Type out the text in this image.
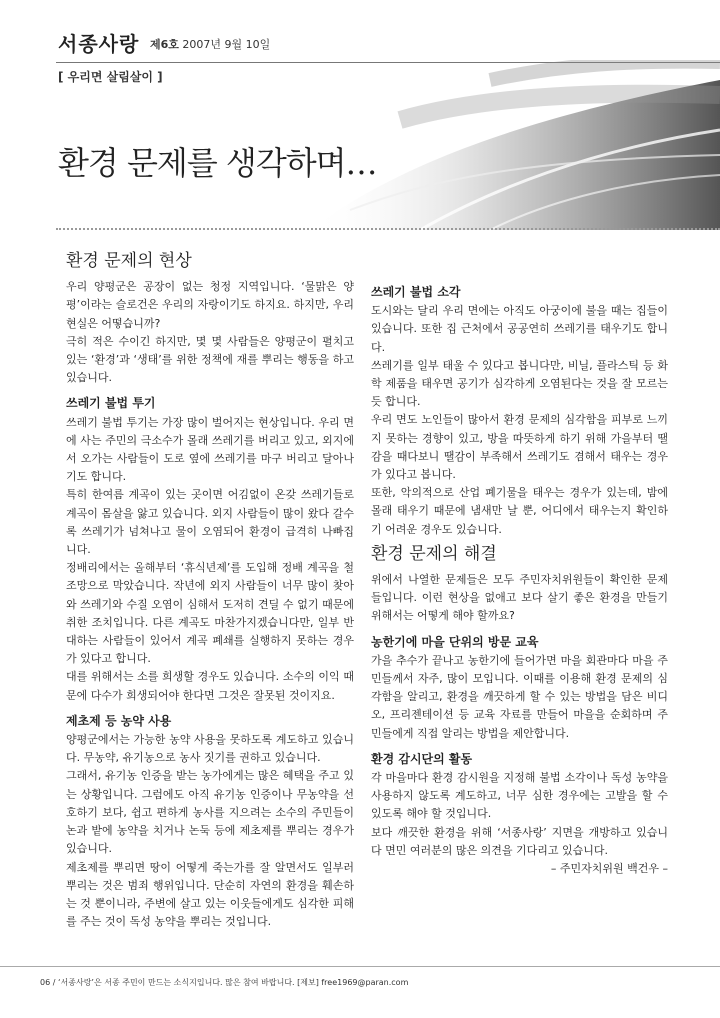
서종사랑 제6호 2007년 9월 10일
[ 우리면 살림살이 ]
환경 문제를 생각하며…
환경 문제의 현상

우리 양평군은 공장이 없는 청정 지역입니다. ‘물맑은 양평’이라는 슬로건은 우리의 자랑이기도 하지요. 하지만, 우리 현실은 어떻습니까?

극히 적은 수이긴 하지만, 몇 몇 사람들은 양평군이 펼치고 있는 ‘환경’과 ‘생태’를 위한 정책에 재를 뿌리는 행동을 하고 있습니다.

쓰레기 불법 투기

쓰레기 불법 투기는 가장 많이 벌어지는 현상입니다. 우리 면에 사는 주민의 극소수가 몰래 쓰레기를 버리고 있고, 외지에서 오가는 사람들이 도로 옆에 쓰레기를 마구 버리고 달아나기도 합니다.

특히 한여름 계곡이 있는 곳이면 어김없이 온갖 쓰레기들로 계곡이 몸살을 앓고 있습니다. 외지 사람들이 많이 왔다 갈수록 쓰레기가 넘쳐나고 물이 오염되어 환경이 급격히 나빠집니다.

정배리에서는 올해부터 ‘휴식년제’를 도입해 정배 계곡을 철조망으로 막았습니다. 작년에 외지 사람들이 너무 많이 찾아와 쓰레기와 수질 오염이 심해서 도저히 견딜 수 없기 때문에 취한 조치입니다. 다른 계곡도 마찬가지겠습니다만, 일부 반대하는 사람들이 있어서 계곡 폐쇄를 실행하지 못하는 경우가 있다고 합니다.

대를 위해서는 소를 희생할 경우도 있습니다. 소수의 이익 때문에 다수가 희생되어야 한다면 그것은 잘못된 것이지요.

제초제 등 농약 사용

양평군에서는 가능한 농약 사용을 못하도록 계도하고 있습니다. 무농약, 유기농으로 농사 짓기를 권하고 있습니다.

그래서, 유기농 인증을 받는 농가에게는 많은 혜택을 주고 있는 상황입니다. 그럼에도 아직 유기농 인증이나 무농약을 선호하기 보다, 쉽고 편하게 농사를 지으려는 소수의 주민들이 논과 밭에 농약을 치거나 논둑 등에 제초제를 뿌리는 경우가 있습니다.

제초제를 뿌리면 땅이 어떻게 죽는가를 잘 알면서도 일부러 뿌리는 것은 범죄 행위입니다. 단순히 자연의 환경을 훼손하는 것 뿐이니라, 주변에 살고 있는 이웃들에게도 심각한 피해를 주는 것이 독성 농약을 뿌리는 것입니다.

쓰레기 불법 소각

도시와는 달리 우리 면에는 아직도 아궁이에 불을 때는 집들이 있습니다. 또한 집 근처에서 공공연히 쓰레기를 태우기도 합니다.

쓰레기를 일부 태울 수 있다고 봅니다만, 비닐, 플라스틱 등 화학 제품을 태우면 공기가 심각하게 오염된다는 것을 잘 모르는 듯 합니다.

우리 면도 노인들이 많아서 환경 문제의 심각함을 피부로 느끼지 못하는 경향이 있고, 방을 따뜻하게 하기 위해 가을부터 땔감을 때다보니 땔감이 부족해서 쓰레기도 겸해서 태우는 경우가 있다고 봅니다.

또한, 악의적으로 산업 폐기물을 태우는 경우가 있는데, 밤에 몰래 태우기 때문에 냄새만 날 뿐, 어디에서 태우는지 확인하기 어려운 경우도 있습니다.

환경 문제의 해결

위에서 나열한 문제들은 모두 주민자치위원들이 확인한 문제들입니다. 이런 현상을 없애고 보다 살기 좋은 환경을 만들기 위해서는 어떻게 해야 할까요?

농한기에 마을 단위의 방문 교육

가을 추수가 끝나고 농한기에 들어가면 마을 회관마다 마을 주민들께서 자주, 많이 모입니다. 이때를 이용해 환경 문제의 심각함을 알리고, 환경을 깨끗하게 할 수 있는 방법을 담은 비디오, 프리젠테이션 등 교육 자료를 만들어 마을을 순회하며 주민들에게 직접 알리는 방법을 제안합니다.

환경 감시단의 활동

각 마을마다 환경 감시원을 지정해 불법 소각이나 독성 농약을 사용하지 않도록 계도하고, 너무 심한 경우에는 고발을 할 수 있도록 해야 할 것입니다.

보다 깨끗한 환경을 위해 ‘서종사랑’ 지면을 개방하고 있습니다 면민 여러분의 많은 의견을 기다리고 있습니다.

– 주민자치위원 백건우 –

06 / ‘서종사랑’은 서종 주민이 만드는 소식지입니다. 많은 참여 바랍니다. [제보] free1969@paran.com
